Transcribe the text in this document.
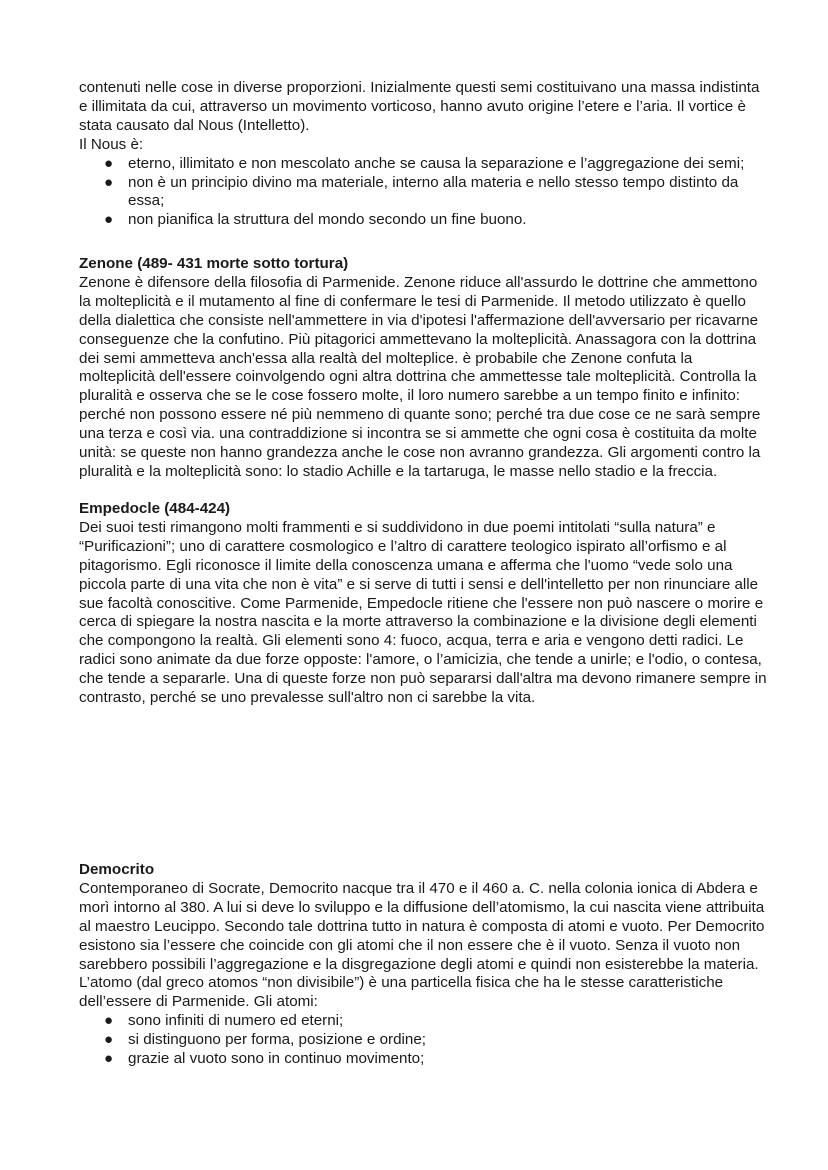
contenuti nelle cose in diverse proporzioni. Inizialmente questi semi costituivano una massa indistinta e illimitata da cui, attraverso un movimento vorticoso, hanno avuto origine l’etere e l’aria. Il vortice è stata causato dal Nous (Intelletto).

Il Nous è:

● eterno, illimitato e non mescolato anche se causa la separazione e l’aggregazione dei semi;
● non è un principio divino ma materiale, interno alla materia e nello stesso tempo distinto da essa;
● non pianifica la struttura del mondo secondo un fine buono.
Zenone (489- 431 morte sotto tortura)

Zenone è difensore della filosofia di Parmenide. Zenone riduce all'assurdo le dottrine che ammettono la molteplicità e il mutamento al fine di confermare le tesi di Parmenide. Il metodo utilizzato è quello della dialettica che consiste nell'ammettere in via d'ipotesi l'affermazione dell'avversario per ricavarne conseguenze che la confutino. Più pitagorici ammettevano la molteplicità. Anassagora con la dottrina dei semi ammetteva anch'essa alla realtà del molteplice. è probabile che Zenone confuta la molteplicità dell'essere coinvolgendo ogni altra dottrina che ammettesse tale molteplicità. Controlla la pluralità e osserva che se le cose fossero molte, il loro numero sarebbe a un tempo finito e infinito: perché non possono essere né più nemmeno di quante sono; perché tra due cose ce ne sarà sempre una terza e così via. una contraddizione si incontra se si ammette che ogni cosa è costituita da molte unità: se queste non hanno grandezza anche le cose non avranno grandezza. Gli argomenti contro la pluralità e la molteplicità sono: lo stadio Achille e la tartaruga, le masse nello stadio e la freccia.

Empedocle (484-424)

Dei suoi testi rimangono molti frammenti e si suddividono in due poemi intitolati “sulla natura” e “Purificazioni”; uno di carattere cosmologico e l’altro di carattere teologico ispirato all’orfismo e al pitagorismo. Egli riconosce il limite della conoscenza umana e afferma che l'uomo “vede solo una piccola parte di una vita che non è vita” e si serve di tutti i sensi e dell'intelletto per non rinunciare alle sue facoltà conoscitive. Come Parmenide, Empedocle ritiene che l'essere non può nascere o morire e cerca di spiegare la nostra nascita e la morte attraverso la combinazione e la divisione degli elementi che compongono la realtà. Gli elementi sono 4: fuoco, acqua, terra e aria e vengono detti radici. Le radici sono animate da due forze opposte: l'amore, o l’amicizia, che tende a unirle; e l'odio, o contesa, che tende a separarle. Una di queste forze non può separarsi dall'altra ma devono rimanere sempre in contrasto, perché se uno prevalesse sull'altro non ci sarebbe la vita.

Democrito

Contemporaneo di Socrate, Democrito nacque tra il 470 e il 460 a. C. nella colonia ionica di Abdera e morì intorno al 380. A lui si deve lo sviluppo e la diffusione dell’atomismo, la cui nascita viene attribuita al maestro Leucippo. Secondo tale dottrina tutto in natura è composta di atomi e vuoto. Per Democrito esistono sia l’essere che coincide con gli atomi che il non essere che è il vuoto. Senza il vuoto non sarebbero possibili l’aggregazione e la disgregazione degli atomi e quindi non esisterebbe la materia. L’atomo (dal greco atomos “non divisibile”) è una particella fisica che ha le stesse caratteristiche dell’essere di Parmenide. Gli atomi:

● sono infiniti di numero ed eterni;
● si distinguono per forma, posizione e ordine;
● grazie al vuoto sono in continuo movimento;
